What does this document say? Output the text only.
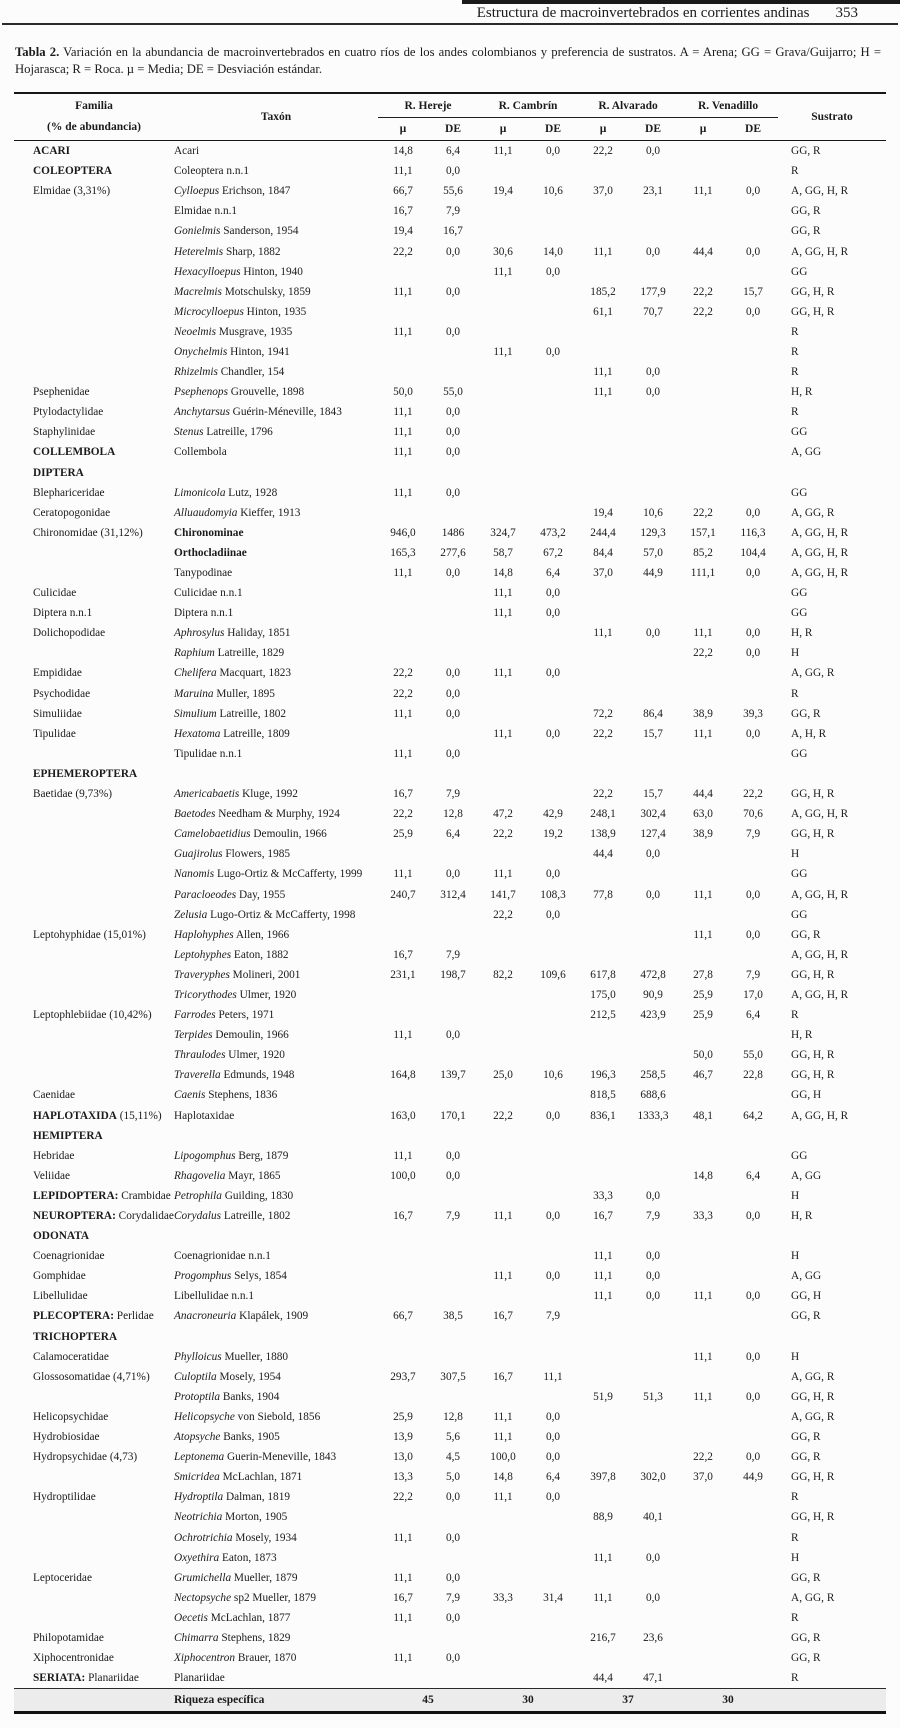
Estructura de macroinvertebrados en corrientes andinas 353
Tabla 2. Variación en la abundancia de macroinvertebrados en cuatro ríos de los andes colombianos y preferencia de sustratos. A = Arena; GG = Grava/Guijarro; H = Hojarasca; R = Roca. µ = Media; DE = Desviación estándar.
Familia
(% de abundancia)	Taxón	R. Hereje		R. Cambrín		R. Alvarado		R. Venadillo		Sustrato
		µ	DE	µ	DE	µ	DE	µ	DE	
ACARI	Acari	14,8	6,4	11,1	0,0	22,2	0,0			GG, R
COLEOPTERA	Coleoptera n.n.1	11,1	0,0							R
Elmidae (3,31%)	Cylloepus Erichson, 1847	66,7	55,6	19,4	10,6	37,0	23,1	11,1	0,0	A, GG, H, R
	Elmidae n.n.1	16,7	7,9							GG, R
	Gonielmis Sanderson, 1954	19,4	16,7							GG, R
	Heterelmis Sharp, 1882	22,2	0,0	30,6	14,0	11,1	0,0	44,4	0,0	A, GG, H, R
	Hexacylloepus Hinton, 1940			11,1	0,0					GG
	Macrelmis Motschulsky, 1859	11,1	0,0			185,2	177,9	22,2	15,7	GG, H, R
	Microcylloepus Hinton, 1935					61,1	70,7	22,2	0,0	GG, H, R
	Neoelmis Musgrave, 1935	11,1	0,0							R
	Onychelmis Hinton, 1941			11,1	0,0					R
	Rhizelmis Chandler, 154					11,1	0,0			R
Psephenidae	Psephenops Grouvelle, 1898	50,0	55,0			11,1	0,0			H, R
Ptylodactylidae	Anchytarsus Guérin-Méneville, 1843	11,1	0,0							R
Staphylinidae	Stenus Latreille, 1796	11,1	0,0							GG
COLLEMBOLA	Collembola	11,1	0,0							A, GG
DIPTERA										
Blephariceridae	Limonicola Lutz, 1928	11,1	0,0							GG
Ceratopogonidae	Alluaudomyia Kieffer, 1913					19,4	10,6	22,2	0,0	A, GG, R
Chironomidae (31,12%)	Chironominae	946,0	1486	324,7	473,2	244,4	129,3	157,1	116,3	A, GG, H, R
	Orthocladiinae	165,3	277,6	58,7	67,2	84,4	57,0	85,2	104,4	A, GG, H, R
	Tanypodinae	11,1	0,0	14,8	6,4	37,0	44,9	111,1	0,0	A, GG, H, R
Culicidae	Culicidae n.n.1			11,1	0,0					GG
Diptera n.n.1	Diptera n.n.1			11,1	0,0					GG
Dolichopodidae	Aphrosylus Haliday, 1851					11,1	0,0	11,1	0,0	H, R
	Raphium Latreille, 1829							22,2	0,0	H
Empididae	Chelifera Macquart, 1823	22,2	0,0	11,1	0,0					A, GG, R
Psychodidae	Maruina Muller, 1895	22,2	0,0							R
Simuliidae	Simulium Latreille, 1802	11,1	0,0			72,2	86,4	38,9	39,3	GG, R
Tipulidae	Hexatoma Latreille, 1809			11,1	0,0	22,2	15,7	11,1	0,0	A, H, R
	Tipulidae n.n.1	11,1	0,0							GG
EPHEMEROPTERA										
Baetidae (9,73%)	Americabaetis Kluge, 1992	16,7	7,9			22,2	15,7	44,4	22,2	GG, H, R
	Baetodes Needham & Murphy, 1924	22,2	12,8	47,2	42,9	248,1	302,4	63,0	70,6	A, GG, H, R
	Camelobaetidius Demoulin, 1966	25,9	6,4	22,2	19,2	138,9	127,4	38,9	7,9	GG, H, R
	Guajirolus Flowers, 1985					44,4	0,0			H
	Nanomis Lugo-Ortiz & McCafferty, 1999	11,1	0,0	11,1	0,0					GG
	Paracloeodes Day, 1955	240,7	312,4	141,7	108,3	77,8	0,0	11,1	0,0	A, GG, H, R
	Zelusia Lugo-Ortiz & McCafferty, 1998			22,2	0,0					GG
Leptohyphidae (15,01%)	Haplohyphes Allen, 1966							11,1	0,0	GG, R
	Leptohyphes Eaton, 1882	16,7	7,9							A, GG, H, R
	Traveryphes Molineri, 2001	231,1	198,7	82,2	109,6	617,8	472,8	27,8	7,9	GG, H, R
	Tricorythodes Ulmer, 1920					175,0	90,9	25,9	17,0	A, GG, H, R
Leptophlebiidae (10,42%)	Farrodes Peters, 1971					212,5	423,9	25,9	6,4	R
	Terpides Demoulin, 1966	11,1	0,0							H, R
	Thraulodes Ulmer, 1920							50,0	55,0	GG, H, R
	Traverella Edmunds, 1948	164,8	139,7	25,0	10,6	196,3	258,5	46,7	22,8	GG, H, R
Caenidae	Caenis Stephens, 1836					818,5	688,6			GG, H
HAPLOTAXIDA (15,11%)	Haplotaxidae	163,0	170,1	22,2	0,0	836,1	1333,3	48,1	64,2	A, GG, H, R
HEMIPTERA										
Hebridae	Lipogomphus Berg, 1879	11,1	0,0							GG
Veliidae	Rhagovelia Mayr, 1865	100,0	0,0					14,8	6,4	A, GG
LEPIDOPTERA: Crambidae	Petrophila Guilding, 1830					33,3	0,0			H
NEUROPTERA: Corydalidae	Corydalus Latreille, 1802	16,7	7,9	11,1	0,0	16,7	7,9	33,3	0,0	H, R
ODONATA										
Coenagrionidae	Coenagrionidae n.n.1					11,1	0,0			H
Gomphidae	Progomphus Selys, 1854			11,1	0,0	11,1	0,0			A, GG
Libellulidae	Libellulidae n.n.1					11,1	0,0	11,1	0,0	GG, H
PLECOPTERA: Perlidae	Anacroneuria Klapálek, 1909	66,7	38,5	16,7	7,9					GG, R
TRICHOPTERA										
Calamoceratidae	Phylloicus Mueller, 1880							11,1	0,0	H
Glossosomatidae (4,71%)	Culoptila Mosely, 1954	293,7	307,5	16,7	11,1					A, GG, R
	Protoptila Banks, 1904					51,9	51,3	11,1	0,0	GG, H, R
Helicopsychidae	Helicopsyche von Siebold, 1856	25,9	12,8	11,1	0,0					A, GG, R
Hydrobiosidae	Atopsyche Banks, 1905	13,9	5,6	11,1	0,0					GG, R
Hydropsychidae (4,73)	Leptonema Guerin-Meneville, 1843	13,0	4,5	100,0	0,0			22,2	0,0	GG, R
	Smicridea McLachlan, 1871	13,3	5,0	14,8	6,4	397,8	302,0	37,0	44,9	GG, H, R
Hydroptilidae	Hydroptila Dalman, 1819	22,2	0,0	11,1	0,0					R
	Neotrichia Morton, 1905					88,9	40,1			GG, H, R
	Ochrotrichia Mosely, 1934	11,1	0,0							R
	Oxyethira Eaton, 1873					11,1	0,0			H
Leptoceridae	Grumichella Mueller, 1879	11,1	0,0							GG, R
	Nectopsyche sp2 Mueller, 1879	16,7	7,9	33,3	31,4	11,1	0,0			A, GG, R
	Oecetis McLachlan, 1877	11,1	0,0							R
Philopotamidae	Chimarra Stephens, 1829					216,7	23,6			GG, R
Xiphocentronidae	Xiphocentron Brauer, 1870	11,1	0,0							GG, R
SERIATA: Planariidae	Planariidae					44,4	47,1			R
	Riqueza específica	45		30		37		30		
